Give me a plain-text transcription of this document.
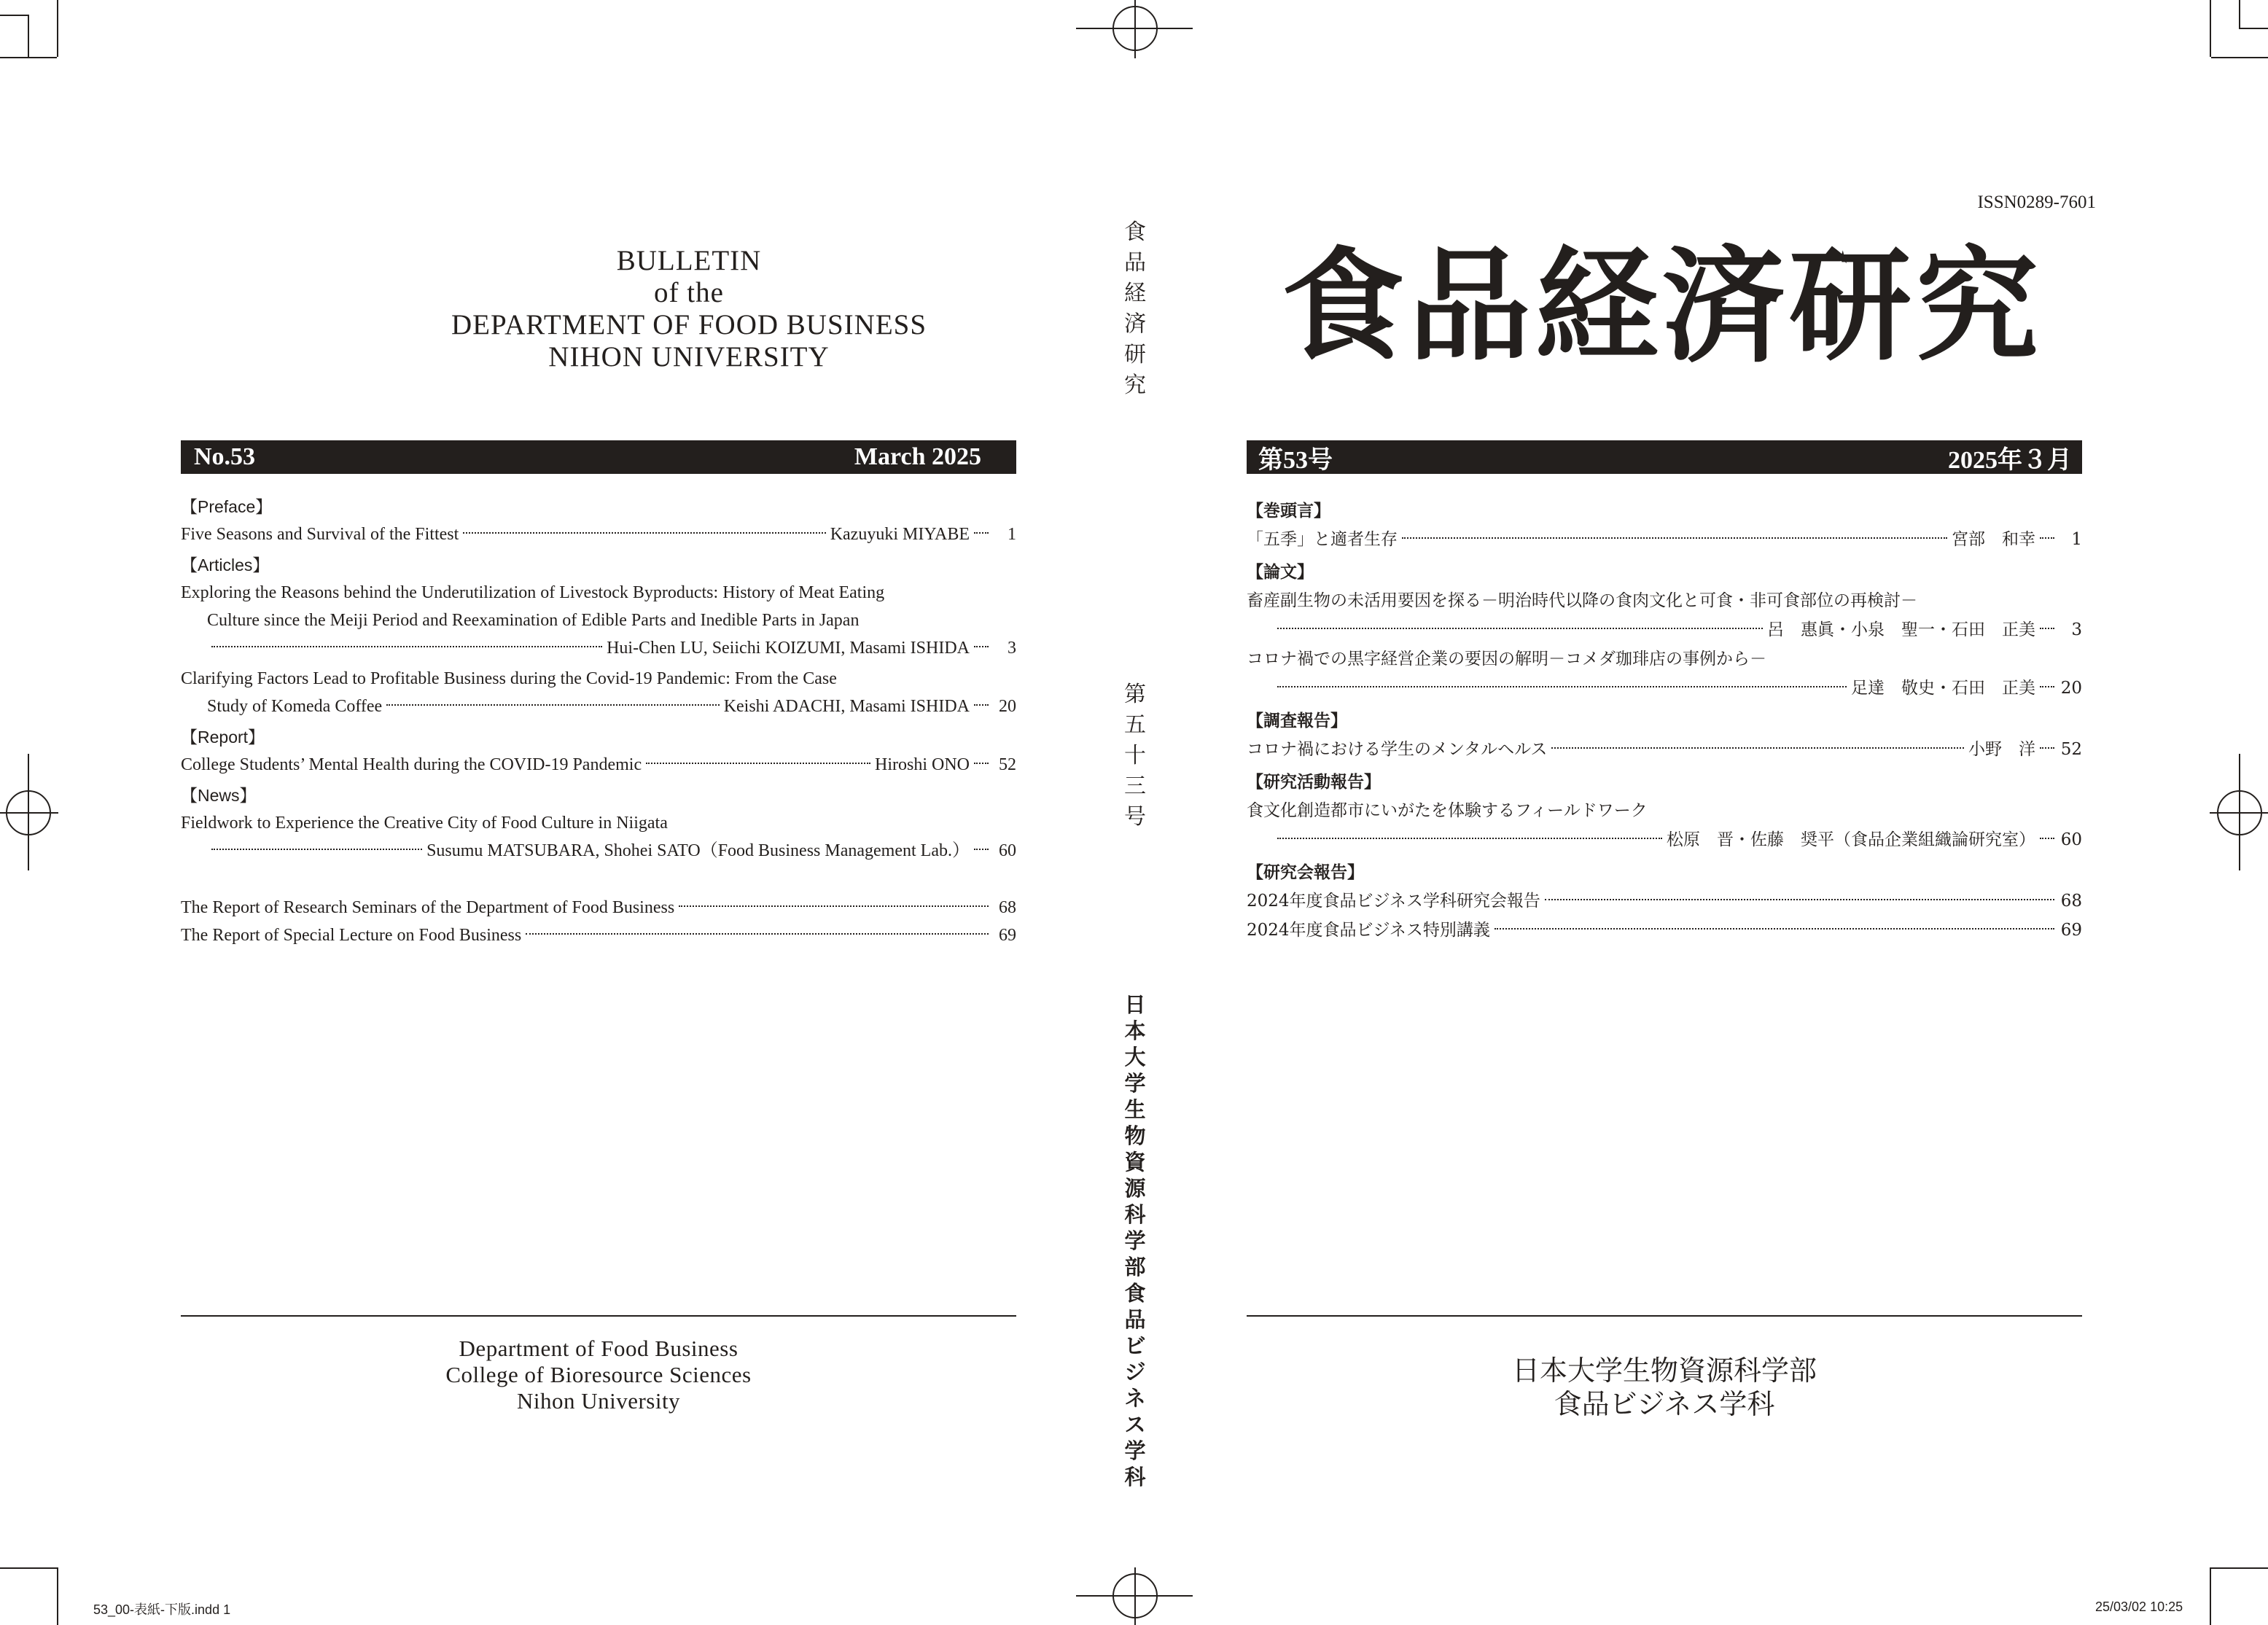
BULLETIN
of the
DEPARTMENT OF FOOD BUSINESS
NIHON UNIVERSITY
No.53	March 2025
【Preface】
Five Seasons and Survival of the Fittest	Kazuyuki MIYABE	1
【Articles】
Exploring the Reasons behind the Underutilization of Livestock Byproducts: History of Meat Eating
Culture since the Meiji Period and Reexamination of Edible Parts and Inedible Parts in Japan
Hui-Chen LU, Seiichi KOIZUMI, Masami ISHIDA	3
Clarifying Factors Lead to Profitable Business during the Covid-19 Pandemic: From the Case
Study of Komeda Coffee	Keishi ADACHI, Masami ISHIDA	20
【Report】
College Students’ Mental Health during the COVID-19 Pandemic	Hiroshi ONO	52
【News】
Fieldwork to Experience the Creative City of Food Culture in Niigata
Susumu MATSUBARA, Shohei SATO（Food Business Management Lab.）	60
The Report of Research Seminars of the Department of Food Business	68
The Report of Special Lecture on Food Business	69
Department of Food Business
College of Bioresource Sciences
Nihon University
食
品
経
済
研
究
第
五
十
三
号
日
本
大
学
生
物
資
源
科
学
部
食
品
ビ
ジ
ネ
ス
学
科
ISSN0289-7601
食品経済研究
第53号	2025年３月
【巻頭言】
「五季」と適者生存	宮部　和幸	1
【論文】
畜産副生物の未活用要因を探る－明治時代以降の食肉文化と可食・非可食部位の再検討－
呂　惠眞・小泉　聖一・石田　正美	3
コロナ禍での黒字経営企業の要因の解明－コメダ珈琲店の事例から－
足達　敬史・石田　正美 20
【調査報告】
コロナ禍における学生のメンタルヘルス	小野　洋 52
【研究活動報告】
食文化創造都市にいがたを体験するフィールドワーク
松原　晋・佐藤　奨平（食品企業組織論研究室） 60
【研究会報告】
2024年度食品ビジネス学科研究会報告	68
2024年度食品ビジネス特別講義	69
日本大学生物資源科学部
食品ビジネス学科
53_00-表紙-下版.indd 1	25/03/02 10:25
